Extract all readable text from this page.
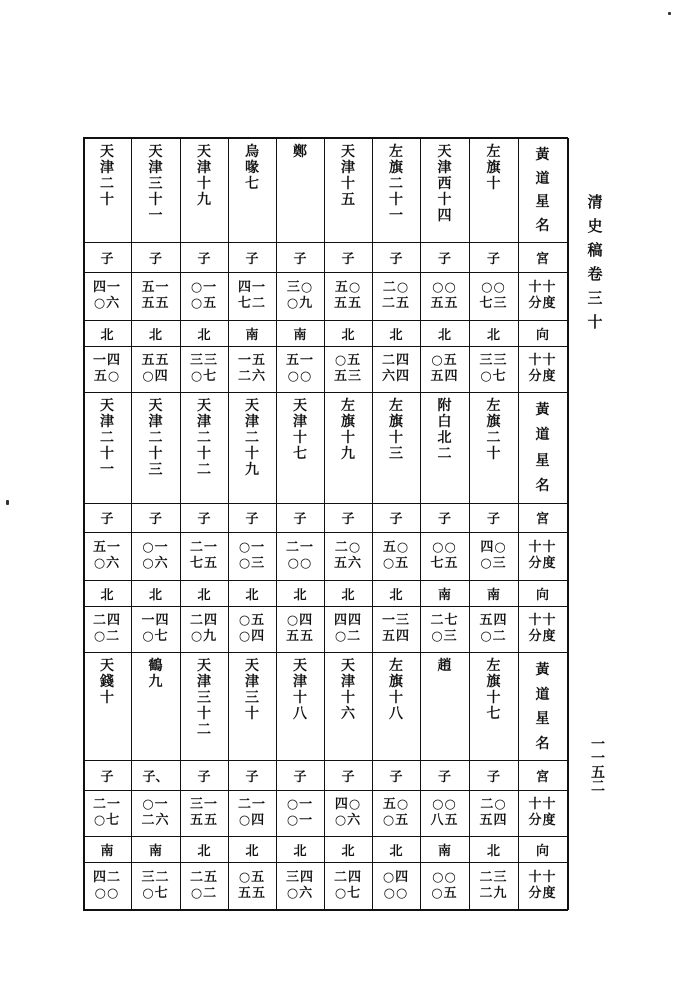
清
史
稿
卷
三
十
一
一
五
二
黃
道
星
名
宮
十十
分度
向
十十
分度
左
旗
十
子
○○
七三
北
三三
○七
天
津
西
十
四
子
○○
五五
北
○五
五四
左
旗
二
十
一
子
二○
二五
北
二四
六四
天
津
十
五
子
五○
五五
北
○五
五三
鄭
子
三○
○九
南
五一
○○
烏
喙
七
子
四一
七二
南
一五
二六
天
津
十
九
子
○一
○五
北
三三
○七
天
津
三
十
一
子
五一
五五
北
五五
○四
天
津
二
十
子
四一
○六
北
一四
五○
黃
道
星
名
宮
十十
分度
向
十十
分度
左
旗
二
十
子
四○
○三
南
五四
○二
附
白
北
二
子
○○
七五
南
二七
○三
左
旗
十
三
子
五○
○五
北
一三
五四
左
旗
十
九
子
二○
五六
北
四四
○二
天
津
十
七
子
二一
○○
北
○四
五五
天
津
二
十
九
子
○一
○三
北
○五
○四
天
津
二
十
二
子
二一
七五
北
二四
○九
天
津
二
十
三
子
○一
○六
北
一四
○七
天
津
二
十
一
子
五一
○六
北
二四
○二
黃
道
星
名
宮
十十
分度
向
十十
分度
左
旗
十
七
子
二○
五四
北
二三
二九
趙
子
○○
八五
南
○○
○五
左
旗
十
八
子
五○
○五
北
○四
○○
天
津
十
六
子
四○
○六
北
二四
○七
天
津
十
八
子
○一
○一
北
三四
○六
天
津
三
十
子
二一
○四
北
○五
五五
天
津
三
十
二
子
三一
五五
北
二五
○二
鶴
九
子、
○一
二六
南
三二
○七
天
錢
十
子
二一
○七
南
四二
○○
